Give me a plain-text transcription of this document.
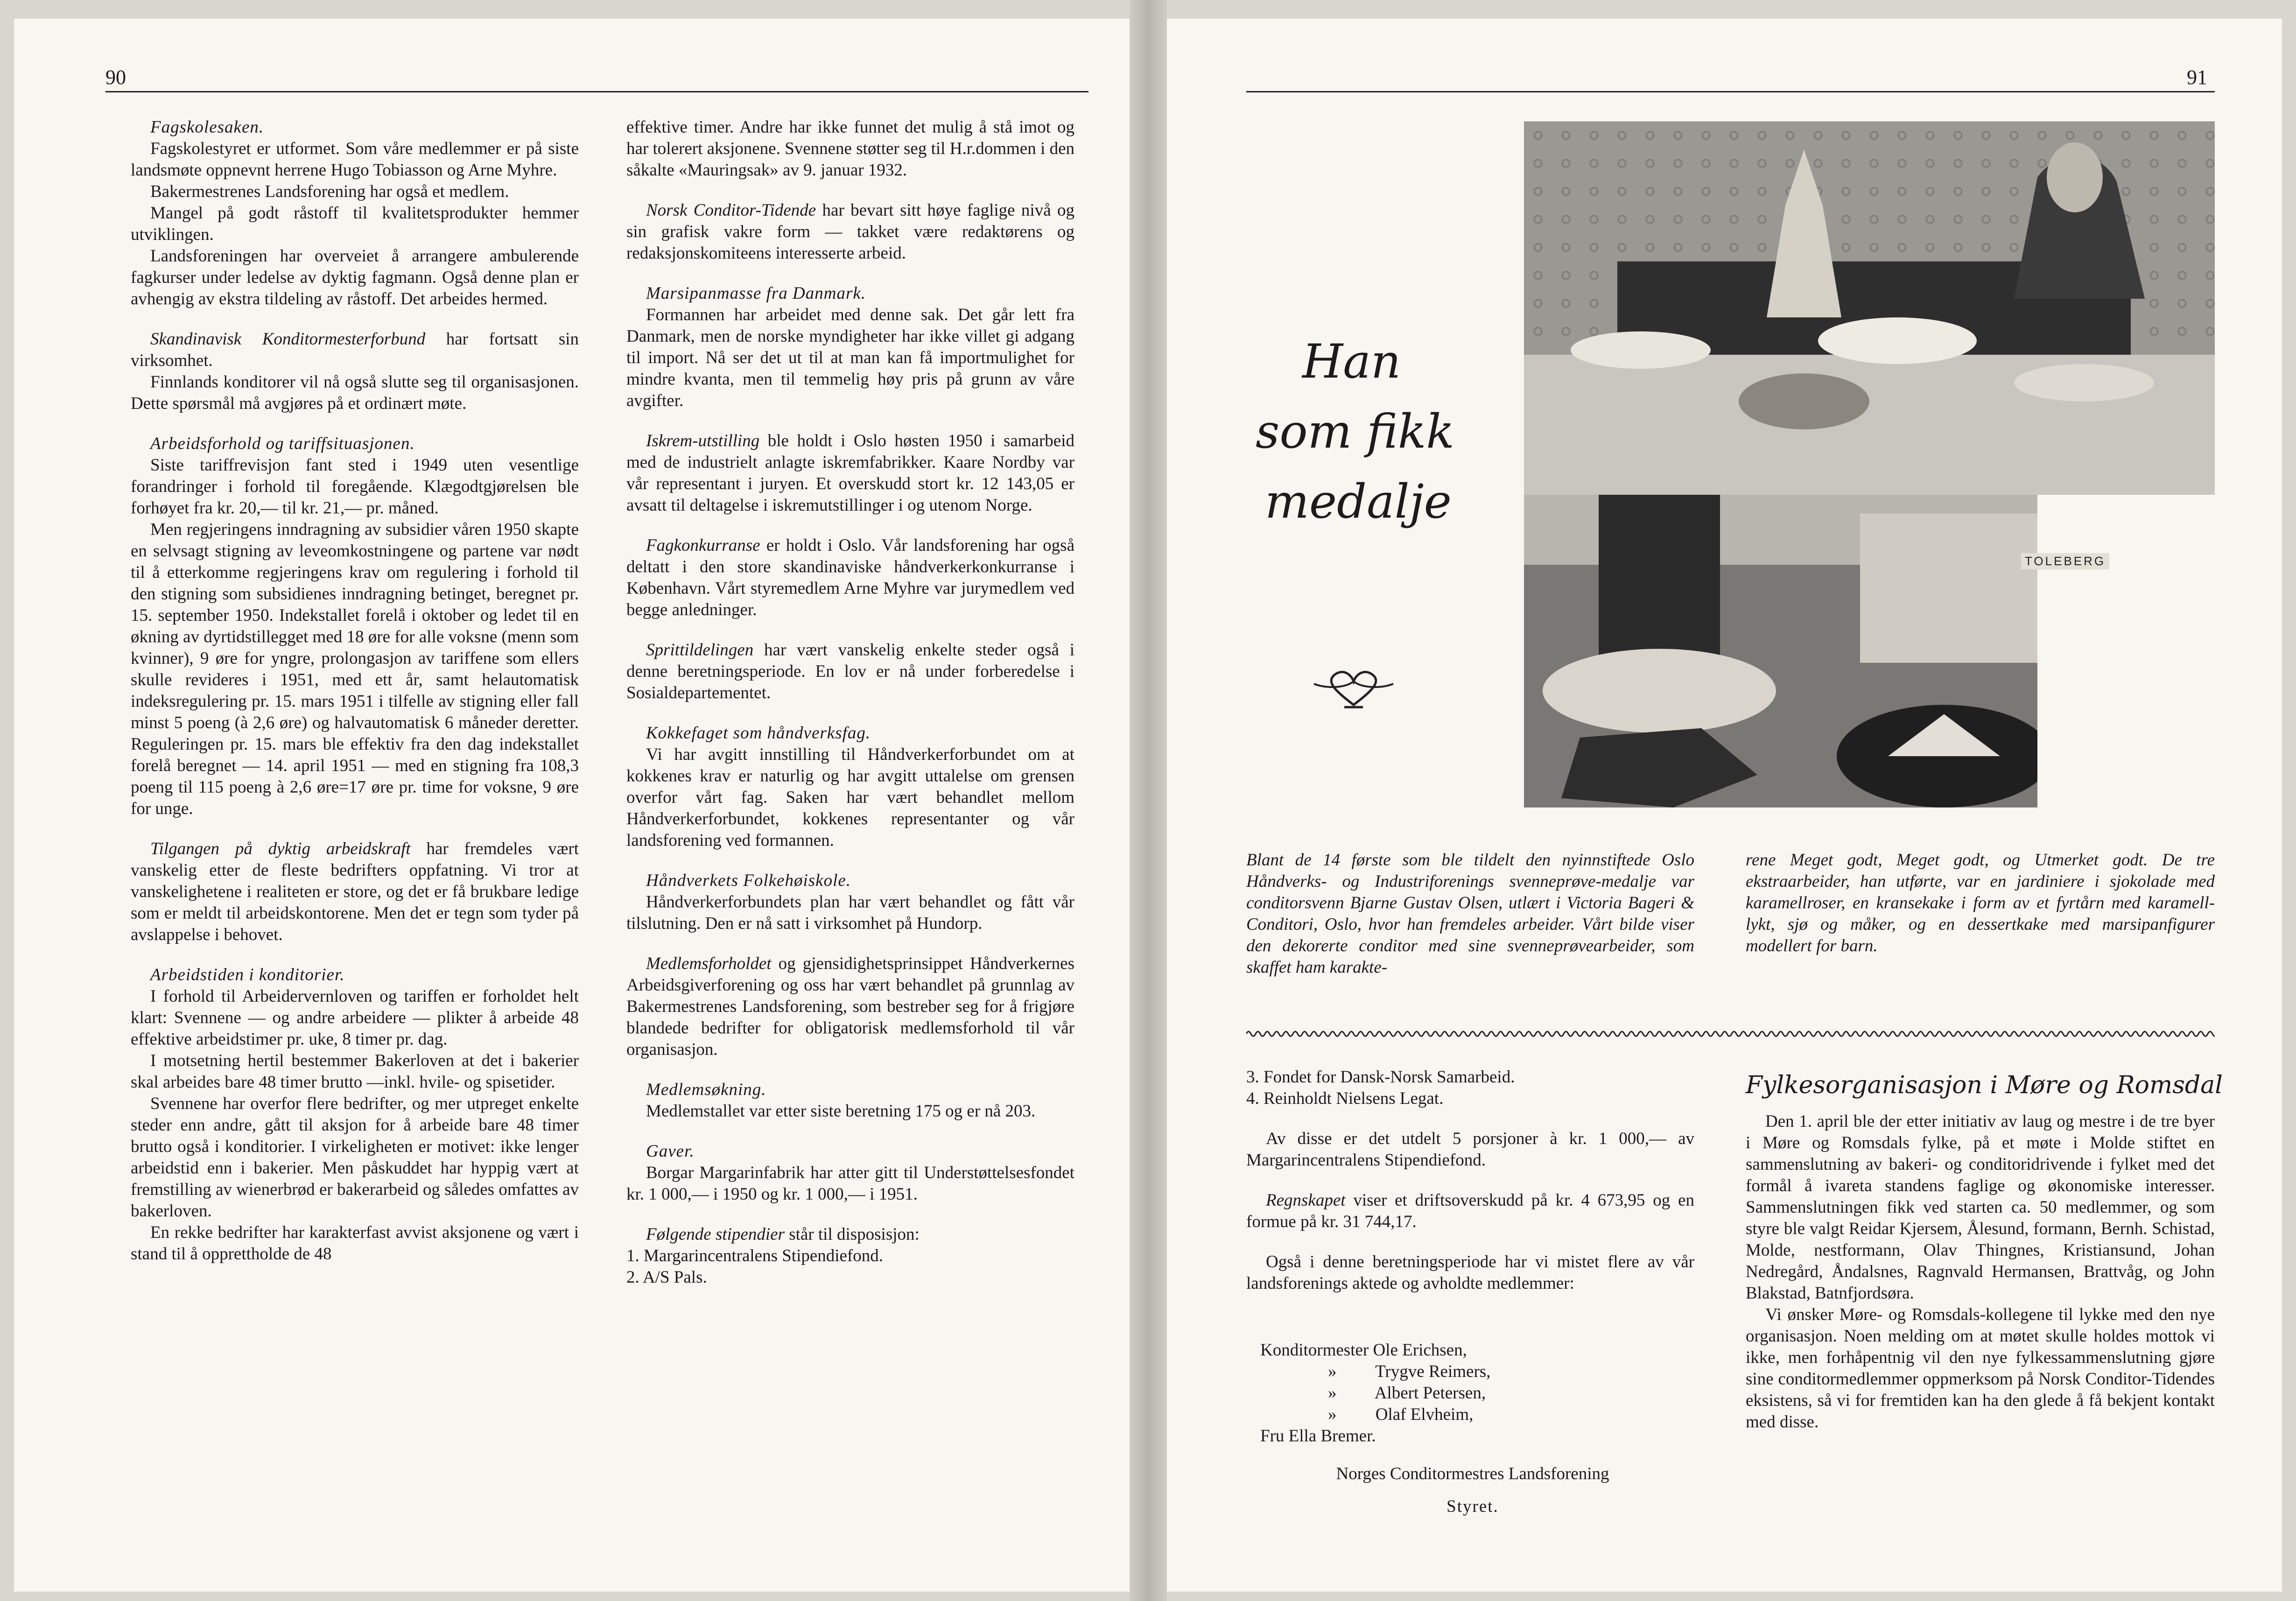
90

Fagskolesaken.

Fagskolestyret er utformet. Som våre medlemmer er på siste landsmøte oppnevnt herrene Hugo Tobiasson og Arne Myhre.

Bakermestrenes Landsforening har også et medlem.

Mangel på godt råstoff til kvalitetsprodukter hemmer utviklingen.

Landsforeningen har overveiet å arrangere ambulerende fagkurser under ledelse av dyktig fagmann. Også denne plan er avhengig av ekstra tildeling av råstoff. Det arbeides hermed.

Skandinavisk Konditormesterforbund har fortsatt sin virksomhet.

Finnlands konditorer vil nå også slutte seg til organisasjonen. Dette spørsmål må avgjøres på et ordinært møte.

Arbeidsforhold og tariffsituasjonen.

Siste tariffrevisjon fant sted i 1949 uten vesentlige forandringer i forhold til foregående. Klægodtgjørelsen ble forhøyet fra kr. 20,— til kr. 21,— pr. måned.

Men regjeringens inndragning av subsidier våren 1950 skapte en selvsagt stigning av leveomkostningene og partene var nødt til å etterkomme regjeringens krav om regulering i forhold til den stigning som subsidienes inndragning betinget, beregnet pr. 15. september 1950. Indekstallet forelå i oktober og ledet til en økning av dyrtidstillegget med 18 øre for alle voksne (menn som kvinner), 9 øre for yngre, prolongasjon av tariffene som ellers skulle revideres i 1951, med ett år, samt helautomatisk indeksregulering pr. 15. mars 1951 i tilfelle av stigning eller fall minst 5 poeng (à 2,6 øre) og halvautomatisk 6 måneder deretter. Reguleringen pr. 15. mars ble effektiv fra den dag indekstallet forelå beregnet — 14. april 1951 — med en stigning fra 108,3 poeng til 115 poeng à 2,6 øre=17 øre pr. time for voksne, 9 øre for unge.

Tilgangen på dyktig arbeidskraft har fremdeles vært vanskelig etter de fleste bedrifters oppfatning. Vi tror at vanskelighetene i realiteten er store, og det er få brukbare ledige som er meldt til arbeidskontorene. Men det er tegn som tyder på avslappelse i behovet.

Arbeidstiden i konditorier.

I forhold til Arbeidervernloven og tariffen er forholdet helt klart: Svennene — og andre arbeidere — plikter å arbeide 48 effektive arbeidstimer pr. uke, 8 timer pr. dag.

I motsetning hertil bestemmer Bakerloven at det i bakerier skal arbeides bare 48 timer brutto —inkl. hvile- og spisetider.

Svennene har overfor flere bedrifter, og mer utpreget enkelte steder enn andre, gått til aksjon for å arbeide bare 48 timer brutto også i konditorier. I virkeligheten er motivet: ikke lenger arbeidstid enn i bakerier. Men påskuddet har hyppig vært at fremstilling av wienerbrød er bakerarbeid og således omfattes av bakerloven.

En rekke bedrifter har karakterfast avvist aksjonene og vært i stand til å opprettholde de 48

effektive timer. Andre har ikke funnet det mulig å stå imot og har tolerert aksjonene. Svennene støtter seg til H.r.dommen i den såkalte «Mauringsak» av 9. januar 1932.

Norsk Conditor-Tidende har bevart sitt høye faglige nivå og sin grafisk vakre form — takket være redaktørens og redaksjonskomiteens interesserte arbeid.

Marsipanmasse fra Danmark.

Formannen har arbeidet med denne sak. Det går lett fra Danmark, men de norske myndigheter har ikke villet gi adgang til import. Nå ser det ut til at man kan få importmulighet for mindre kvanta, men til temmelig høy pris på grunn av våre avgifter.

Iskrem-utstilling ble holdt i Oslo høsten 1950 i samarbeid med de industrielt anlagte iskremfabrikker. Kaare Nordby var vår representant i juryen. Et overskudd stort kr. 12 143,05 er avsatt til deltagelse i iskremutstillinger i og utenom Norge.

Fagkonkurranse er holdt i Oslo. Vår landsforening har også deltatt i den store skandinaviske håndverkerkonkurranse i København. Vårt styremedlem Arne Myhre var jurymedlem ved begge anledninger.

Sprittildelingen har vært vanskelig enkelte steder også i denne beretningsperiode. En lov er nå under forberedelse i Sosialdepartementet.

Kokkefaget som håndverksfag.

Vi har avgitt innstilling til Håndverkerforbundet om at kokkenes krav er naturlig og har avgitt uttalelse om grensen overfor vårt fag. Saken har vært behandlet mellom Håndverkerforbundet, kokkenes representanter og vår landsforening ved formannen.

Håndverkets Folkehøiskole.

Håndverkerforbundets plan har vært behandlet og fått vår tilslutning. Den er nå satt i virksomhet på Hundorp.

Medlemsforholdet og gjensidighetsprinsippet Håndverkernes Arbeidsgiverforening og oss har vært behandlet på grunnlag av Bakermestrenes Landsforening, som bestreber seg for å frigjøre blandede bedrifter for obligatorisk medlemsforhold til vår organisasjon.

Medlemsøkning.

Medlemstallet var etter siste beretning 175 og er nå 203.

Gaver.

Borgar Margarinfabrik har atter gitt til Understøttelsesfondet kr. 1 000,— i 1950 og kr. 1 000,— i 1951.

Følgende stipendier står til disposisjon:

1. Margarincentralens Stipendiefond.

2. A/S Pals.

91
Han
som fikk
medalje
TOLEBERG
Blant de 14 første som ble tildelt den nyinnstiftede Oslo Håndverks- og Industriforenings svenneprøve-medalje var conditorsvenn Bjarne Gustav Olsen, utlært i Victoria Bageri & Conditori, Oslo, hvor han fremdeles arbeider. Vårt bilde viser den dekorerte conditor med sine svenneprøvearbeider, som skaffet ham karakte-
rene Meget godt, Meget godt, og Utmerket godt. De tre ekstraarbeider, han utførte, var en jardiniere i sjokolade med karamellroser, en kransekake i form av et fyrtårn med karamell-lykt, sjø og måker, og en dessertkake med marsipanfigurer modellert for barn.

3. Fondet for Dansk-Norsk Samarbeid.

4. Reinholdt Nielsens Legat.

Av disse er det utdelt 5 porsjoner à kr. 1 000,— av Margarincentralens Stipendiefond.

Regnskapet viser et driftsoverskudd på kr. 4 673,95 og en formue på kr. 31 744,17.

Også i denne beretningsperiode har vi mistet flere av vår landsforenings aktede og avholdte medlemmer:

Konditormester Ole Erichsen,
»         Trygve Reimers,
»         Albert Petersen,
»         Olaf Elvheim,
Fru Ella Bremer.
Norges Conditormestres Landsforening
Styret.
Fylkesorganisasjon i Møre og Romsdal

Den 1. april ble der etter initiativ av laug og mestre i de tre byer i Møre og Romsdals fylke, på et møte i Molde stiftet en sammenslutning av bakeri- og conditoridrivende i fylket med det formål å ivareta standens faglige og økonomiske interesser. Sammenslutningen fikk ved starten ca. 50 medlemmer, og som styre ble valgt Reidar Kjersem, Ålesund, formann, Bernh. Schistad, Molde, nestformann, Olav Thingnes, Kristiansund, Johan Nedregård, Åndalsnes, Ragnvald Hermansen, Brattvåg, og John Blakstad, Batnfjordsøra.

Vi ønsker Møre- og Romsdals-kollegene til lykke med den nye organisasjon. Noen melding om at møtet skulle holdes mottok vi ikke, men forhåpentnig vil den nye fylkessammenslutning gjøre sine conditormedlemmer oppmerksom på Norsk Conditor-Tidendes eksistens, så vi for fremtiden kan ha den glede å få bekjent kontakt med disse.
